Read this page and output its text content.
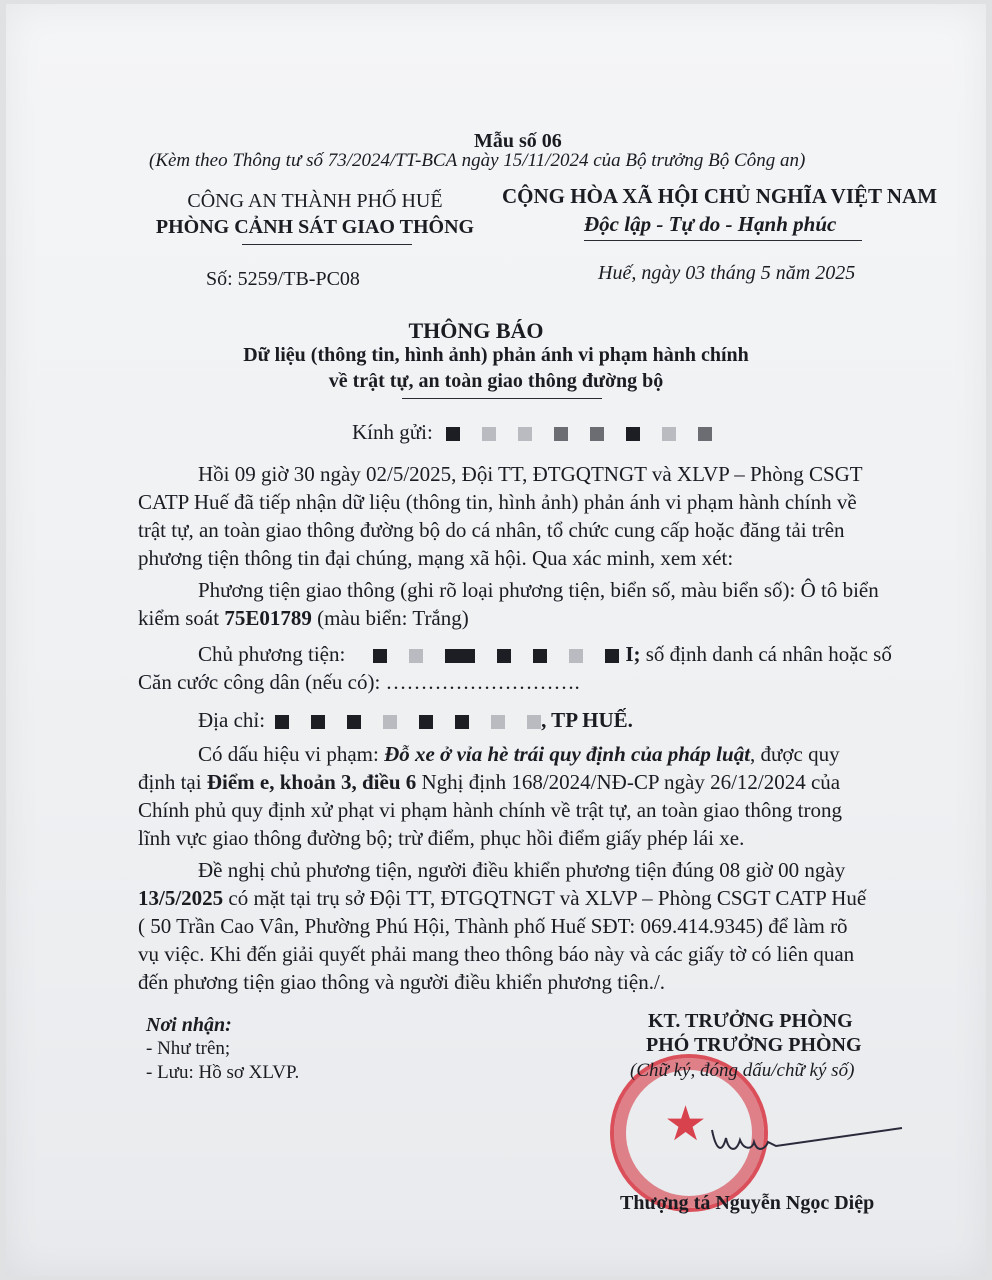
Mẫu số 06
(Kèm theo Thông tư số 73/2024/TT-BCA ngày 15/11/2024 của Bộ trưởng Bộ Công an)
CÔNG AN THÀNH PHỐ HUẾ
PHÒNG CẢNH SÁT GIAO THÔNG
CỘNG HÒA XÃ HỘI CHỦ NGHĨA VIỆT NAM
Độc lập - Tự do - Hạnh phúc
Số: 5259/TB-PC08	Huế, ngày 03 tháng 5 năm 2025
THÔNG BÁO
Dữ liệu (thông tin, hình ảnh) phản ánh vi phạm hành chính
về trật tự, an toàn giao thông đường bộ
Kính gửi:
Hồi 09 giờ 30 ngày 02/5/2025, Đội TT, ĐTGQTNGT và XLVP – Phòng CSGT
CATP Huế đã tiếp nhận dữ liệu (thông tin, hình ảnh) phản ánh vi phạm hành chính về
trật tự, an toàn giao thông đường bộ do cá nhân, tổ chức cung cấp hoặc đăng tải trên
phương tiện thông tin đại chúng, mạng xã hội. Qua xác minh, xem xét:
Phương tiện giao thông (ghi rõ loại phương tiện, biển số, màu biển số): Ô tô biển
kiểm soát 75E01789 (màu biển: Trắng)
Chủ phương tiện:	I; số định danh cá nhân hoặc số
Căn cước công dân (nếu có): ……………………….
Địa chỉ:	, TP HUẾ.
Có dấu hiệu vi phạm: Đỗ xe ở vỉa hè trái quy định của pháp luật, được quy
định tại Điểm e, khoản 3, điều 6 Nghị định 168/2024/NĐ-CP ngày 26/12/2024 của
Chính phủ quy định xử phạt vi phạm hành chính về trật tự, an toàn giao thông trong
lĩnh vực giao thông đường bộ; trừ điểm, phục hồi điểm giấy phép lái xe.
Đề nghị chủ phương tiện, người điều khiển phương tiện đúng 08 giờ 00 ngày
13/5/2025 có mặt tại trụ sở Đội TT, ĐTGQTNGT và XLVP – Phòng CSGT CATP Huế
( 50 Trần Cao Vân, Phường Phú Hội, Thành phố Huế SĐT: 069.414.9345) để làm rõ
vụ việc. Khi đến giải quyết phải mang theo thông báo này và các giấy tờ có liên quan
đến phương tiện giao thông và người điều khiển phương tiện./.
Nơi nhận:
- Như trên;
- Lưu: Hồ sơ XLVP.
★
KT. TRƯỞNG PHÒNG
PHÓ TRƯỞNG PHÒNG
(Chữ ký, đóng dấu/chữ ký số)
Thượng tá Nguyễn Ngọc Diệp
